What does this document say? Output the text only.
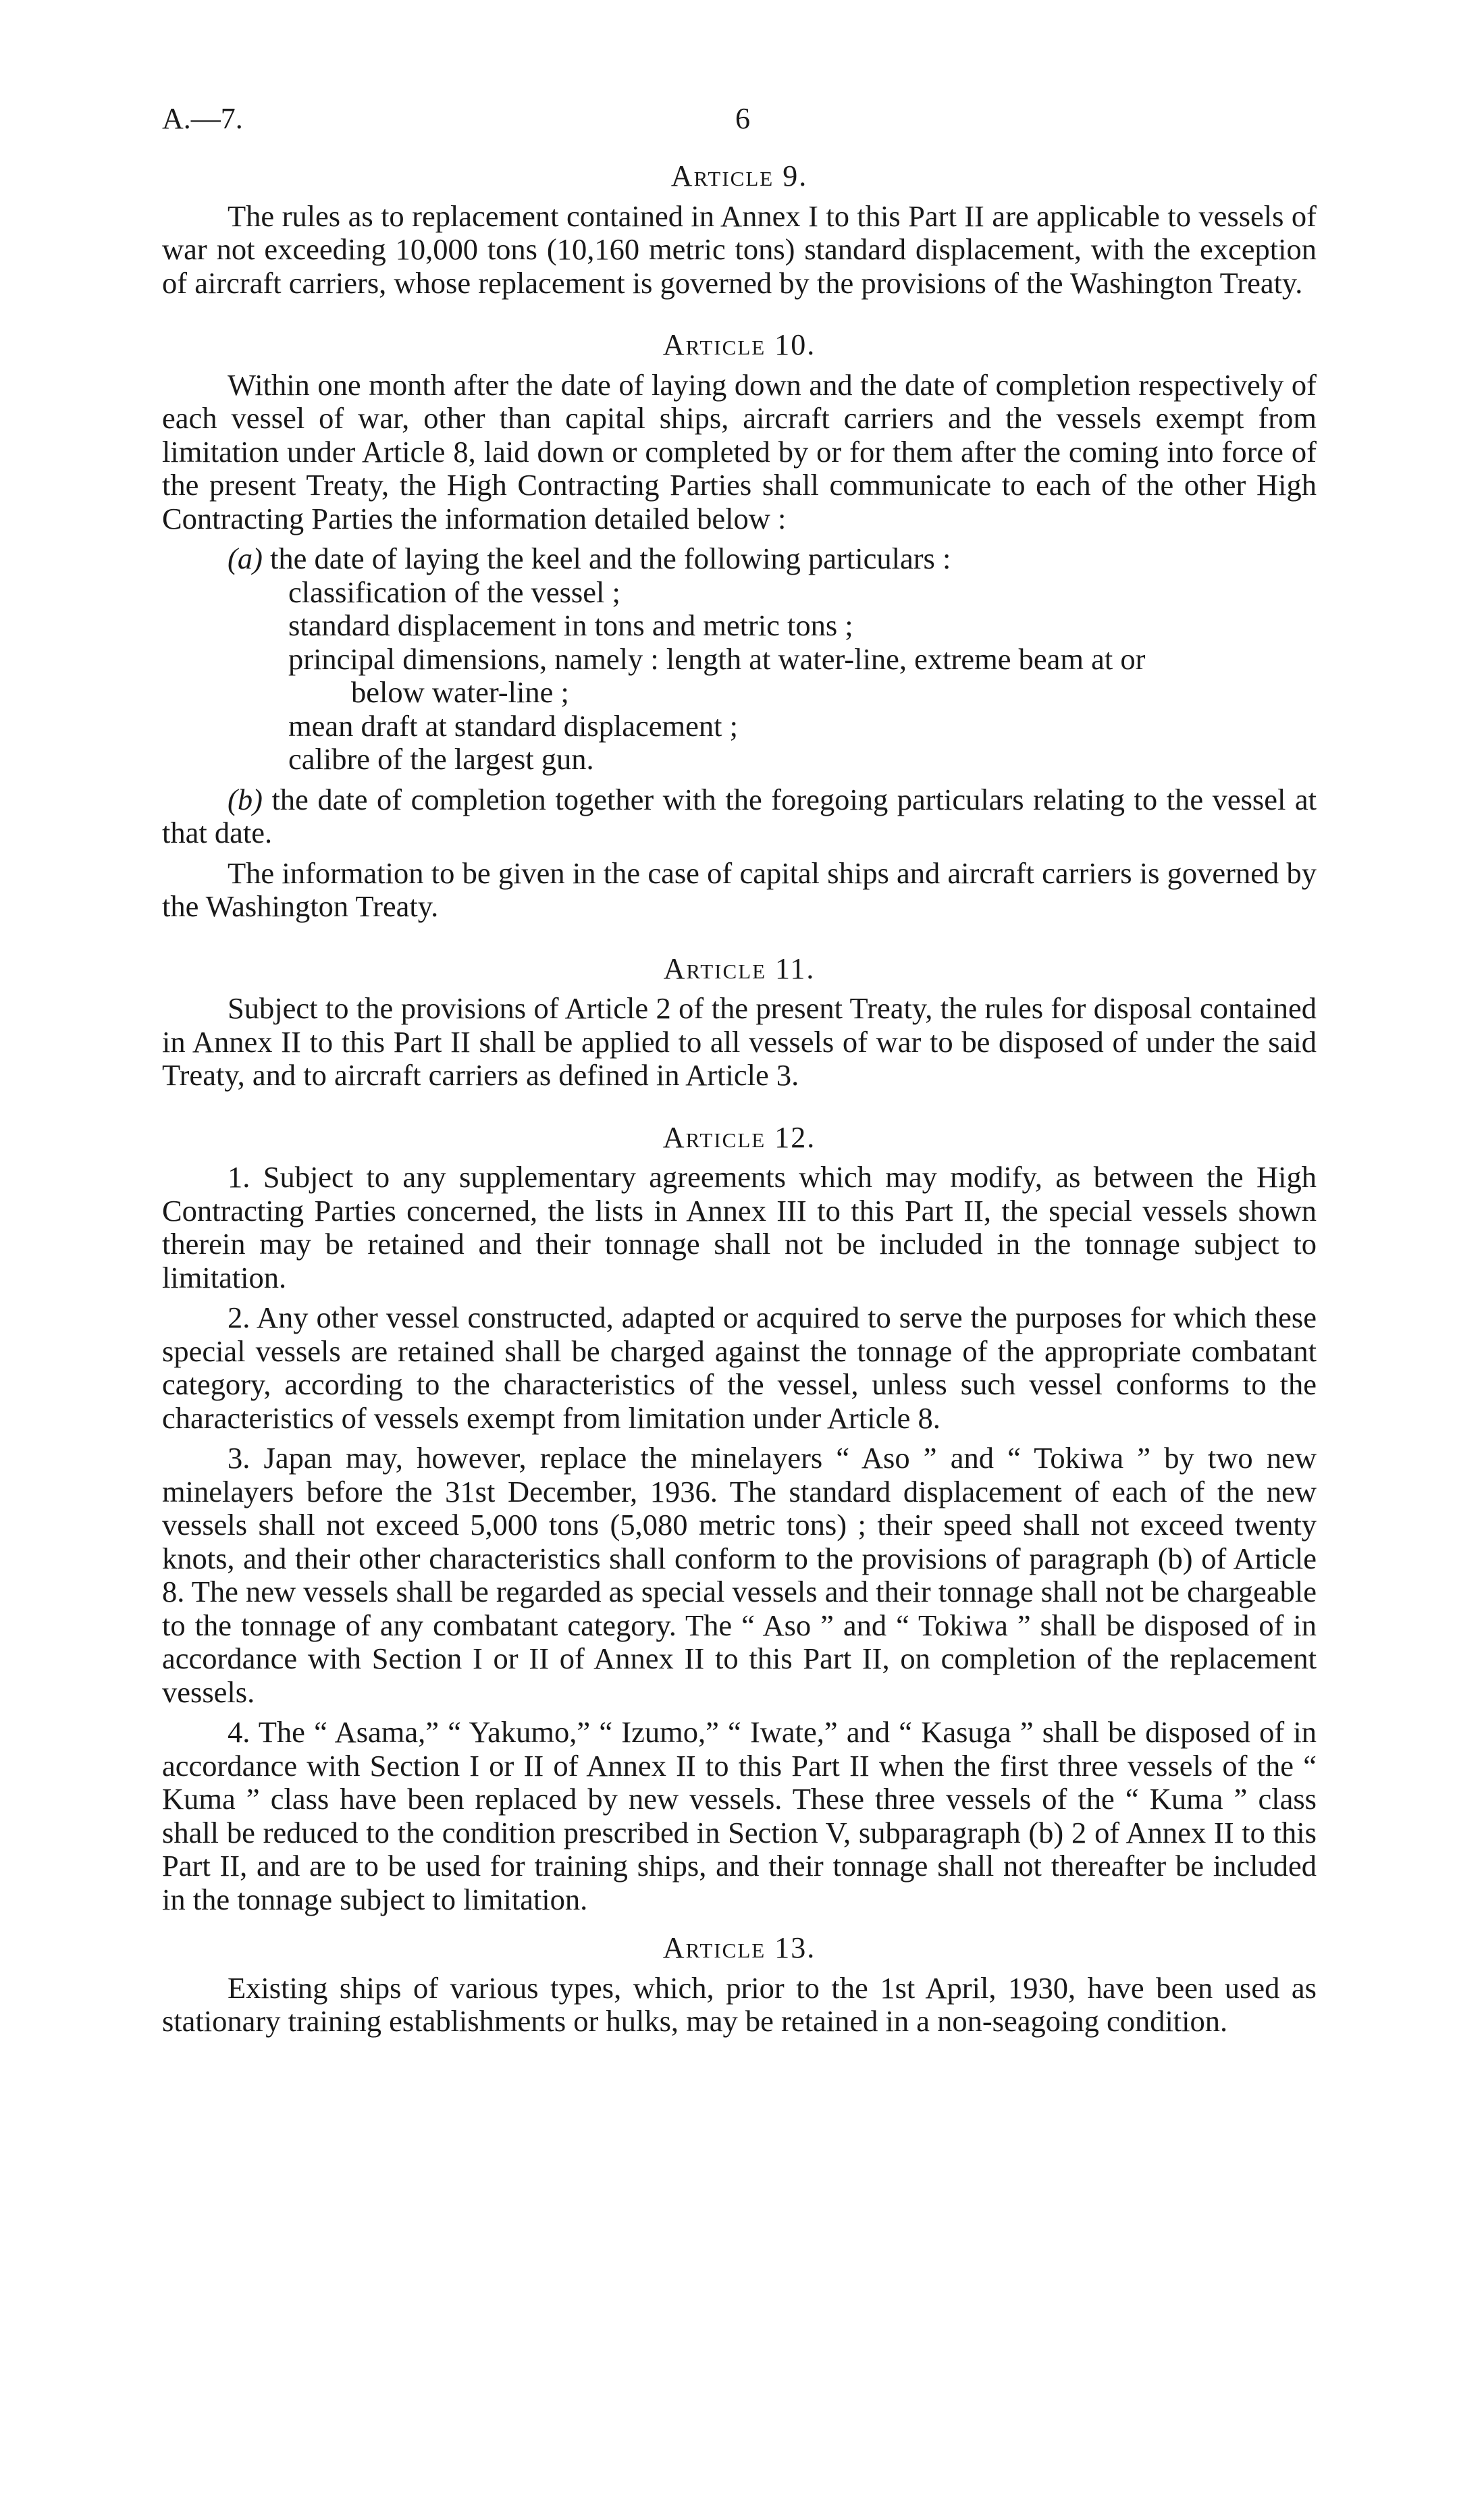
A.—7.	6
Article 9.

The rules as to replacement contained in Annex I to this Part II are applicable to vessels of war not exceeding 10,000 tons (10,160 metric tons) standard displacement, with the exception of aircraft carriers, whose replacement is governed by the provisions of the Washington Treaty.

Article 10.

Within one month after the date of laying down and the date of completion respectively of each vessel of war, other than capital ships, aircraft carriers and the vessels exempt from limitation under Article 8, laid down or completed by or for them after the coming into force of the present Treaty, the High Contracting Parties shall communicate to each of the other High Contracting Parties the information detailed below :

(a) the date of laying the keel and the following particulars :
classification of the vessel ;
standard displacement in tons and metric tons ;
principal dimensions, namely : length at water-line, extreme beam at or
below water-line ;
mean draft at standard displacement ;
calibre of the largest gun.
(b) the date of completion together with the foregoing particulars relating to the vessel at that date.

The information to be given in the case of capital ships and aircraft carriers is governed by the Washington Treaty.

Article 11.

Subject to the provisions of Article 2 of the present Treaty, the rules for disposal contained in Annex II to this Part II shall be applied to all vessels of war to be disposed of under the said Treaty, and to aircraft carriers as defined in Article 3.

Article 12.

1. Subject to any supplementary agreements which may modify, as between the High Contracting Parties concerned, the lists in Annex III to this Part II, the special vessels shown therein may be retained and their tonnage shall not be included in the tonnage subject to limitation.

2. Any other vessel constructed, adapted or acquired to serve the purposes for which these special vessels are retained shall be charged against the tonnage of the appropriate combatant category, according to the characteristics of the vessel, unless such vessel conforms to the characteristics of vessels exempt from limitation under Article 8.

3. Japan may, however, replace the minelayers “ Aso ” and “ Tokiwa ” by two new minelayers before the 31st December, 1936. The standard displacement of each of the new vessels shall not exceed 5,000 tons (5,080 metric tons) ; their speed shall not exceed twenty knots, and their other characteristics shall conform to the provisions of paragraph (b) of Article 8. The new vessels shall be regarded as special vessels and their tonnage shall not be chargeable to the tonnage of any combatant category. The “ Aso ” and “ Tokiwa ” shall be disposed of in accordance with Section I or II of Annex II to this Part II, on completion of the replacement vessels.

4. The “ Asama,” “ Yakumo,” “ Izumo,” “ Iwate,” and “ Kasuga ” shall be disposed of in accordance with Section I or II of Annex II to this Part II when the first three vessels of the “ Kuma ” class have been replaced by new vessels. These three vessels of the “ Kuma ” class shall be reduced to the condition prescribed in Section V, subparagraph (b) 2 of Annex II to this Part II, and are to be used for training ships, and their tonnage shall not thereafter be included in the tonnage subject to limitation.

Article 13.

Existing ships of various types, which, prior to the 1st April, 1930, have been used as stationary training establishments or hulks, may be retained in a non-seagoing condition.
